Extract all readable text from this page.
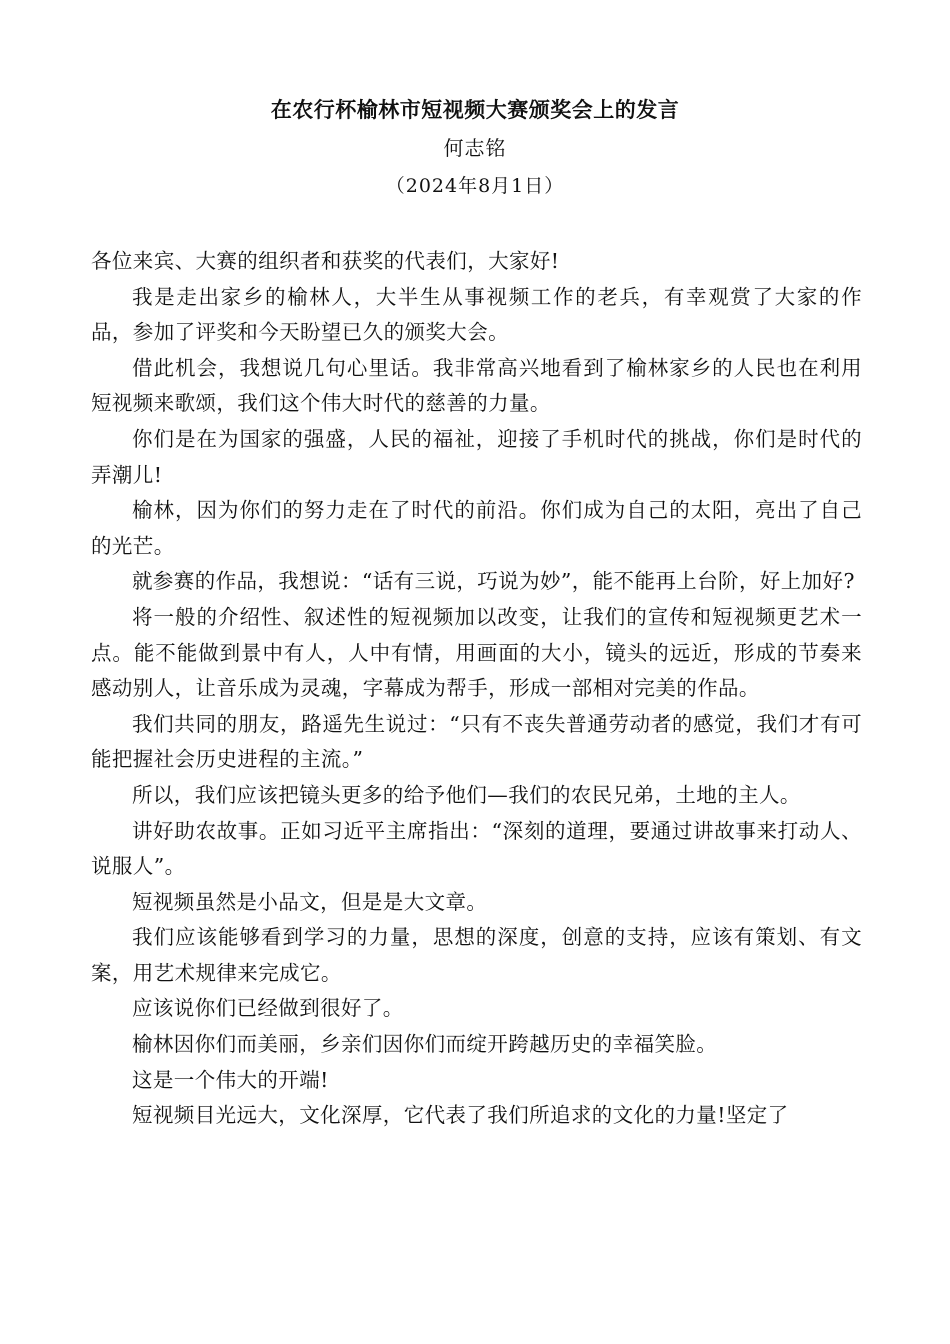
在农行杯榆林市短视频大赛颁奖会上的发言
何志铭
（2024年8月1日）

各位来宾、大赛的组织者和获奖的代表们，大家好!

我是走出家乡的榆林人，大半生从事视频工作的老兵，有幸观赏了大家的作品，参加了评奖和今天盼望已久的颁奖大会。

借此机会，我想说几句心里话。我非常高兴地看到了榆林家乡的人民也在利用短视频来歌颂，我们这个伟大时代的慈善的力量。

你们是在为国家的强盛，人民的福祉，迎接了手机时代的挑战，你们是时代的弄潮儿!

榆林，因为你们的努力走在了时代的前沿。你们成为自己的太阳，亮出了自己的光芒。

就参赛的作品，我想说：“话有三说，巧说为妙”，能不能再上台阶，好上加好?

将一般的介绍性、叙述性的短视频加以改变，让我们的宣传和短视频更艺术一点。能不能做到景中有人，人中有情，用画面的大小，镜头的远近，形成的节奏来感动别人，让音乐成为灵魂，字幕成为帮手，形成一部相对完美的作品。

我们共同的朋友，路遥先生说过：“只有不丧失普通劳动者的感觉，我们才有可能把握社会历史进程的主流。”

所以，我们应该把镜头更多的给予他们—我们的农民兄弟，土地的主人。

讲好助农故事。正如习近平主席指出：“深刻的道理，要通过讲故事来打动人、说服人”。

短视频虽然是小品文，但是是大文章。

我们应该能够看到学习的力量，思想的深度，创意的支持，应该有策划、有文案，用艺术规律来完成它。

应该说你们已经做到很好了。

榆林因你们而美丽，乡亲们因你们而绽开跨越历史的幸福笑脸。

这是一个伟大的开端!

短视频目光远大，文化深厚，它代表了我们所追求的文化的力量!坚定了
